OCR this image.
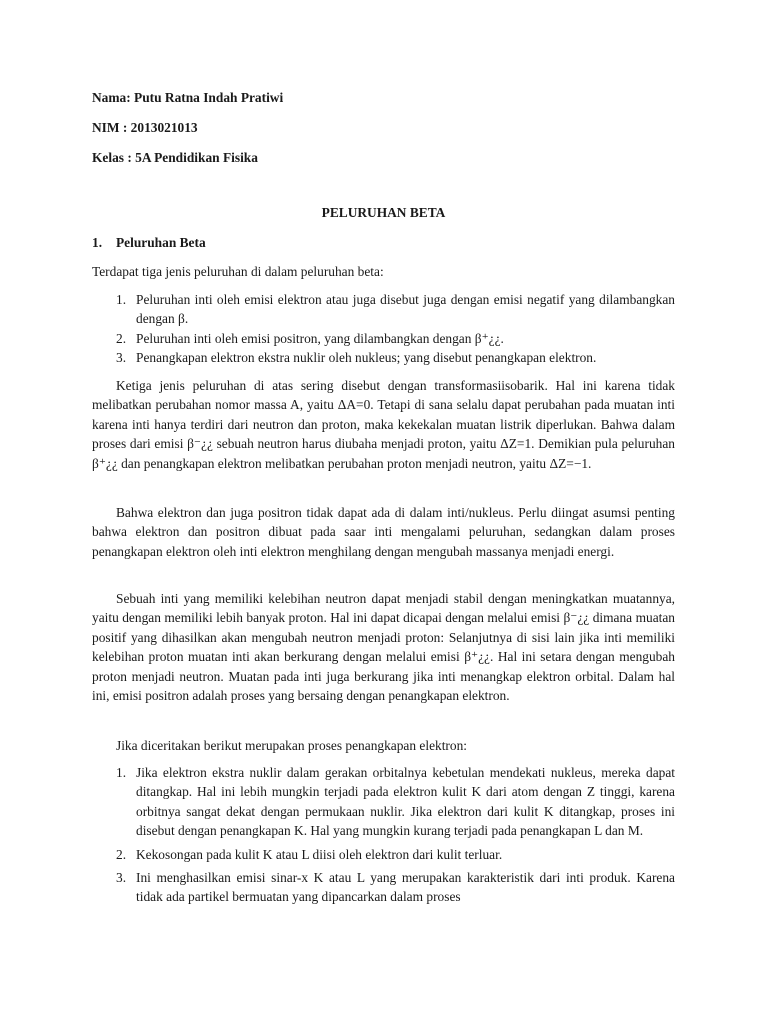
Nama: Putu Ratna Indah Pratiwi
NIM : 2013021013
Kelas : 5A Pendidikan Fisika
PELURUHAN BETA
1. Peluruhan Beta

Terdapat tiga jenis peluruhan di dalam peluruhan beta:

1. Peluruhan inti oleh emisi elektron atau juga disebut juga dengan emisi negatif yang dilambangkan dengan β.
2. Peluruhan inti oleh emisi positron, yang dilambangkan dengan β⁺¿¿.
3. Penangkapan elektron ekstra nuklir oleh nukleus; yang disebut penangkapan elektron.

Ketiga jenis peluruhan di atas sering disebut dengan transformasiisobarik. Hal ini karena tidak melibatkan perubahan nomor massa A, yaitu ΔA=0. Tetapi di sana selalu dapat perubahan pada muatan inti karena inti hanya terdiri dari neutron dan proton, maka kekekalan muatan listrik diperlukan. Bahwa dalam proses dari emisi β⁻¿¿ sebuah neutron harus diubaha menjadi proton, yaitu ΔZ=1. Demikian pula peluruhan β⁺¿¿ dan penangkapan elektron melibatkan perubahan proton menjadi neutron, yaitu ΔZ=−1.

Bahwa elektron dan juga positron tidak dapat ada di dalam inti/nukleus. Perlu diingat asumsi penting bahwa elektron dan positron dibuat pada saar inti mengalami peluruhan, sedangkan dalam proses penangkapan elektron oleh inti elektron menghilang dengan mengubah massanya menjadi energi.

Sebuah inti yang memiliki kelebihan neutron dapat menjadi stabil dengan meningkatkan muatannya, yaitu dengan memiliki lebih banyak proton. Hal ini dapat dicapai dengan melalui emisi β⁻¿¿ dimana muatan positif yang dihasilkan akan mengubah neutron menjadi proton: Selanjutnya di sisi lain jika inti memiliki kelebihan proton muatan inti akan berkurang dengan melalui emisi β⁺¿¿. Hal ini setara dengan mengubah proton menjadi neutron. Muatan pada inti juga berkurang jika inti menangkap elektron orbital. Dalam hal ini, emisi positron adalah proses yang bersaing dengan penangkapan elektron.

Jika diceritakan berikut merupakan proses penangkapan elektron:

1. Jika elektron ekstra nuklir dalam gerakan orbitalnya kebetulan mendekati nukleus, mereka dapat ditangkap. Hal ini lebih mungkin terjadi pada elektron kulit K dari atom dengan Z tinggi, karena orbitnya sangat dekat dengan permukaan nuklir. Jika elektron dari kulit K ditangkap, proses ini disebut dengan penangkapan K. Hal yang mungkin kurang terjadi pada penangkapan L dan M.
2. Kekosongan pada kulit K atau L diisi oleh elektron dari kulit terluar.
3. Ini menghasilkan emisi sinar-x K atau L yang merupakan karakteristik dari inti produk. Karena tidak ada partikel bermuatan yang dipancarkan dalam proses
